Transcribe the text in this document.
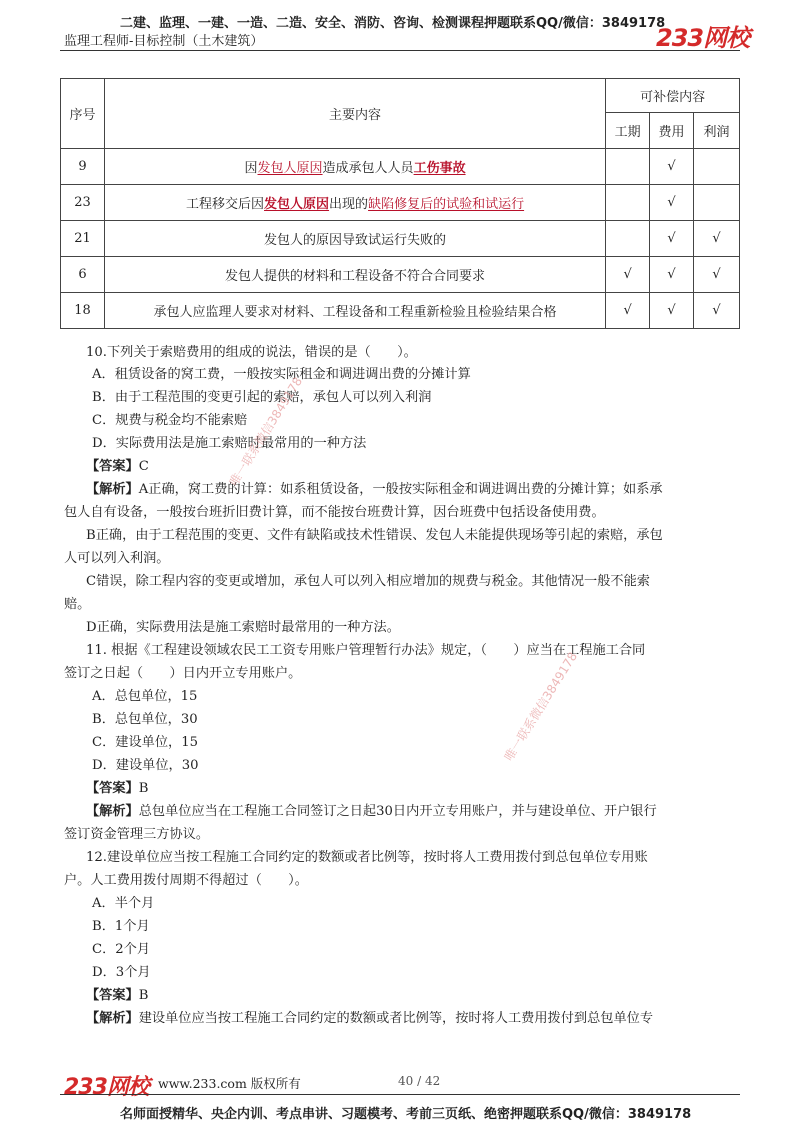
二建、监理、一建、一造、二造、安全、消防、咨询、检测课程押题联系QQ/微信：3849178
监理工程师-目标控制（土木建筑）	233网校
序号	主要内容	可补偿内容		
		工期	费用	利润
9	因发包人原因造成承包人人员工伤事故		√	
23	工程移交后因发包人原因出现的缺陷修复后的试验和试运行		√	
21	发包人的原因导致试运行失败的		√	√
6	发包人提供的材料和工程设备不符合合同要求	√	√	√
18	承包人应监理人要求对材料、工程设备和工程重新检验且检验结果合格	√	√	√
10.下列关于索赔费用的组成的说法，错误的是（　　）。
A．租赁设备的窝工费，一般按实际租金和调进调出费的分摊计算
B．由于工程范围的变更引起的索赔，承包人可以列入利润
C．规费与税金均不能索赔
D．实际费用法是施工索赔时最常用的一种方法
【答案】C
【解析】A正确，窝工费的计算：如系租赁设备，一般按实际租金和调进调出费的分摊计算；如系承
包人自有设备，一般按台班折旧费计算，而不能按台班费计算，因台班费中包括设备使用费。
B正确，由于工程范围的变更、文件有缺陷或技术性错误、发包人未能提供现场等引起的索赔，承包
人可以列入利润。
C错误，除工程内容的变更或增加，承包人可以列入相应增加的规费与税金。其他情况一般不能索
赔。
D正确，实际费用法是施工索赔时最常用的一种方法。
11. 根据《工程建设领域农民工工资专用账户管理暂行办法》规定，（　　）应当在工程施工合同
签订之日起（　　）日内开立专用账户。
A．总包单位，15
B．总包单位，30
C．建设单位，15
D．建设单位，30
【答案】B
【解析】总包单位应当在工程施工合同签订之日起30日内开立专用账户，并与建设单位、开户银行
签订资金管理三方协议。
12.建设单位应当按工程施工合同约定的数额或者比例等，按时将人工费用拨付到总包单位专用账
户。人工费用拨付周期不得超过（　　）。
A．半个月
B．1个月
C．2个月
D．3个月
【答案】B
【解析】建设单位应当按工程施工合同约定的数额或者比例等，按时将人工费用拨付到总包单位专
唯一联系微信3849178
唯一联系微信3849178
233网校 www.233.com 版权所有	40 / 42
名师面授精华、央企内训、考点串讲、习题模考、考前三页纸、绝密押题联系QQ/微信：3849178
